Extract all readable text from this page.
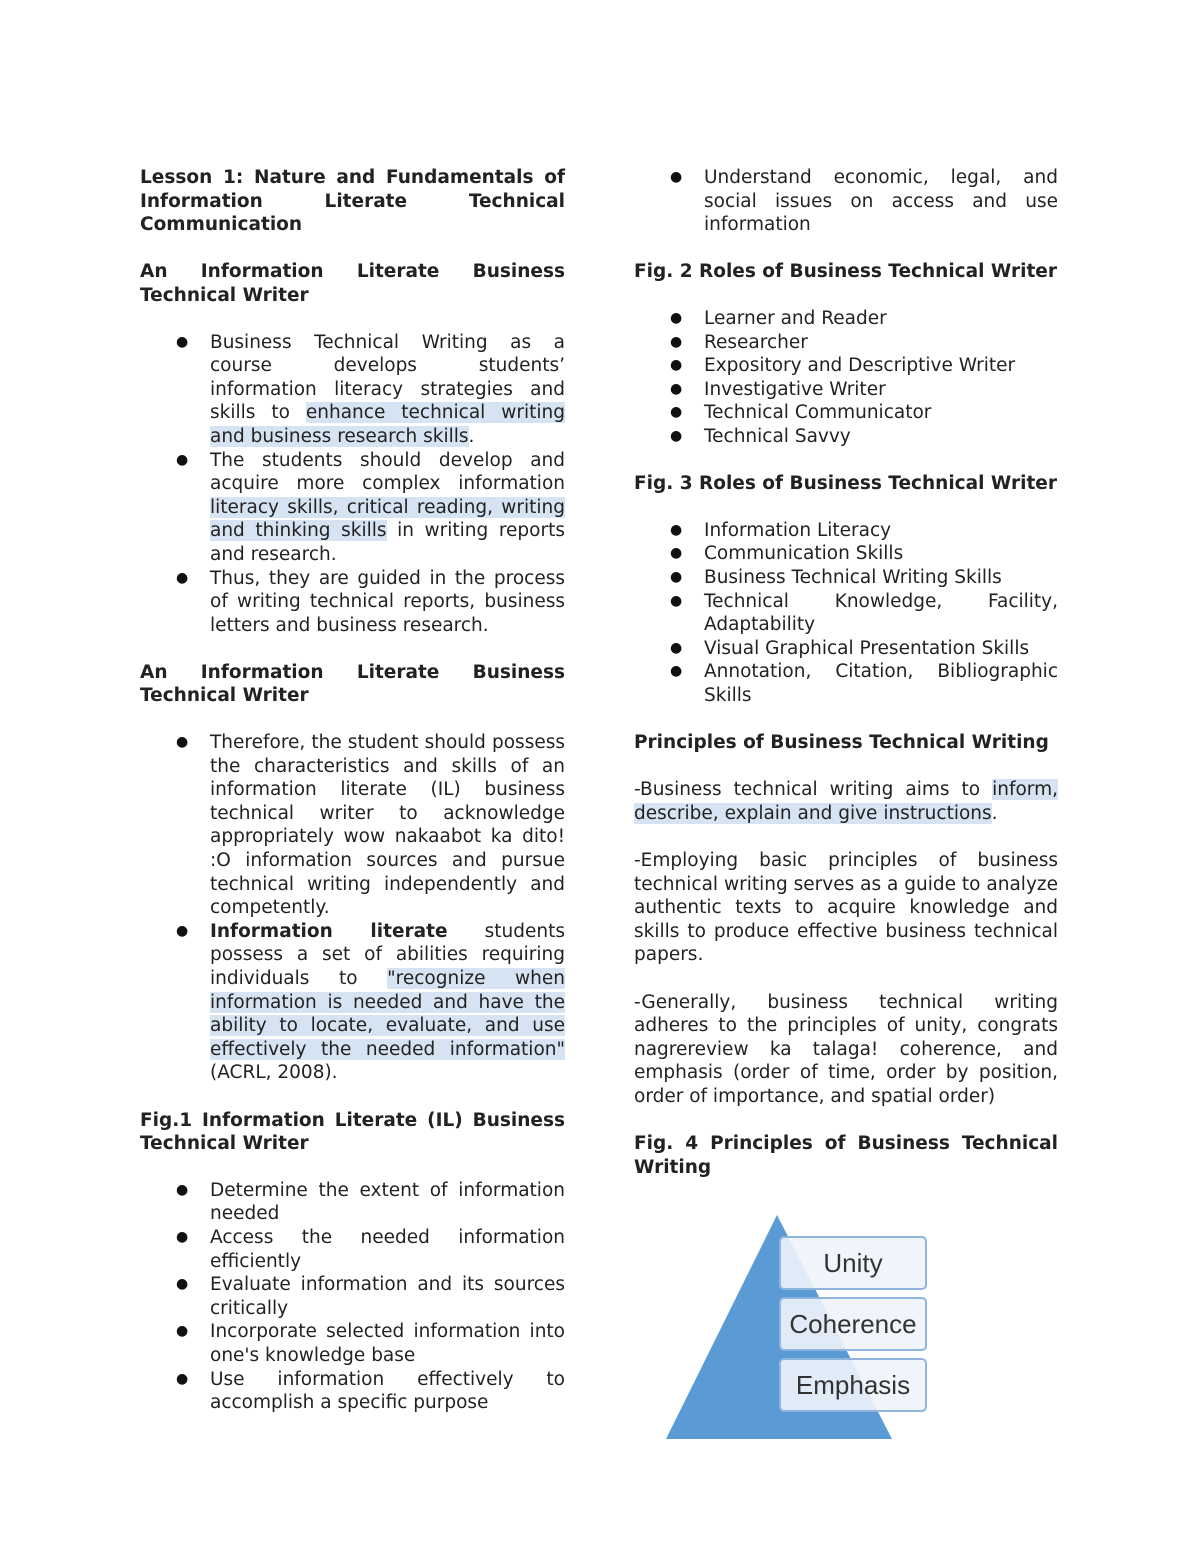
Lesson 1: Nature and Fundamentals of Information Literate Technical Communication

An Information Literate Business Technical Writer

● Business Technical Writing as a course develops students’ information literacy strategies and skills to enhance technical writing and business research skills.
● The students should develop and acquire more complex information literacy skills, critical reading, writing and thinking skills in writing reports and research.
● Thus, they are guided in the process of writing technical reports, business letters and business research.

An Information Literate Business Technical Writer

● Therefore, the student should possess the characteristics and skills of an information literate (IL) business technical writer to acknowledge appropriately wow nakaabot ka dito! :O information sources and pursue technical writing independently and competently.
● Information literate students possess a set of abilities requiring individuals to "recognize when information is needed and have the ability to locate, evaluate, and use effectively the needed information" (ACRL, 2008).

Fig.1 Information Literate (IL) Business Technical Writer

● Determine the extent of information needed
● Access the needed information efficiently
● Evaluate information and its sources critically
● Incorporate selected information into one's knowledge base
● Use information effectively to accomplish a specific purpose
● Understand economic, legal, and social issues on access and use information

Fig. 2 Roles of Business Technical Writer

● Learner and Reader
● Researcher
● Expository and Descriptive Writer
● Investigative Writer
● Technical Communicator
● Technical Savvy

Fig. 3 Roles of Business Technical Writer

● Information Literacy
● Communication Skills
● Business Technical Writing Skills
● Technical Knowledge, Facility, Adaptability
● Visual Graphical Presentation Skills
● Annotation, Citation, Bibliographic Skills

Principles of Business Technical Writing

-Business technical writing aims to inform, describe, explain and give instructions.

-Employing basic principles of business technical writing serves as a guide to analyze authentic texts to acquire knowledge and skills to produce effective business technical papers.

-Generally, business technical writing adheres to the principles of unity, congrats nagrereview ka talaga! coherence, and emphasis (order of time, order by position, order of importance, and spatial order)

Fig. 4 Principles of Business Technical Writing

Unity
Coherence
Emphasis
